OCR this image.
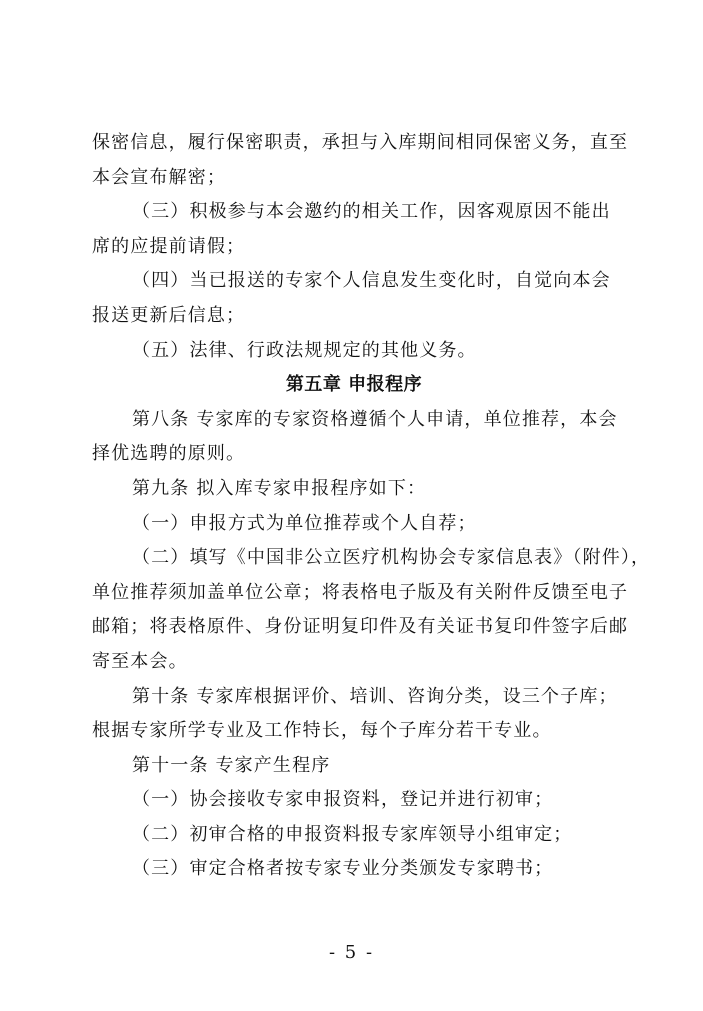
保密信息，履行保密职责，承担与入库期间相同保密义务，直至
本会宣布解密；
（三）积极参与本会邀约的相关工作，因客观原因不能出
席的应提前请假；
（四）当已报送的专家个人信息发生变化时，自觉向本会
报送更新后信息；
（五）法律、行政法规规定的其他义务。
第五章 申报程序
第八条 专家库的专家资格遵循个人申请，单位推荐，本会
择优选聘的原则。
第九条 拟入库专家申报程序如下：
（一）申报方式为单位推荐或个人自荐；
（二）填写《中国非公立医疗机构协会专家信息表》（附件），
单位推荐须加盖单位公章；将表格电子版及有关附件反馈至电子
邮箱；将表格原件、身份证明复印件及有关证书复印件签字后邮
寄至本会。
第十条 专家库根据评价、培训、咨询分类，设三个子库；
根据专家所学专业及工作特长，每个子库分若干专业。
第十一条 专家产生程序
（一）协会接收专家申报资料，登记并进行初审；
（二）初审合格的申报资料报专家库领导小组审定；
（三）审定合格者按专家专业分类颁发专家聘书；
- 5 -
